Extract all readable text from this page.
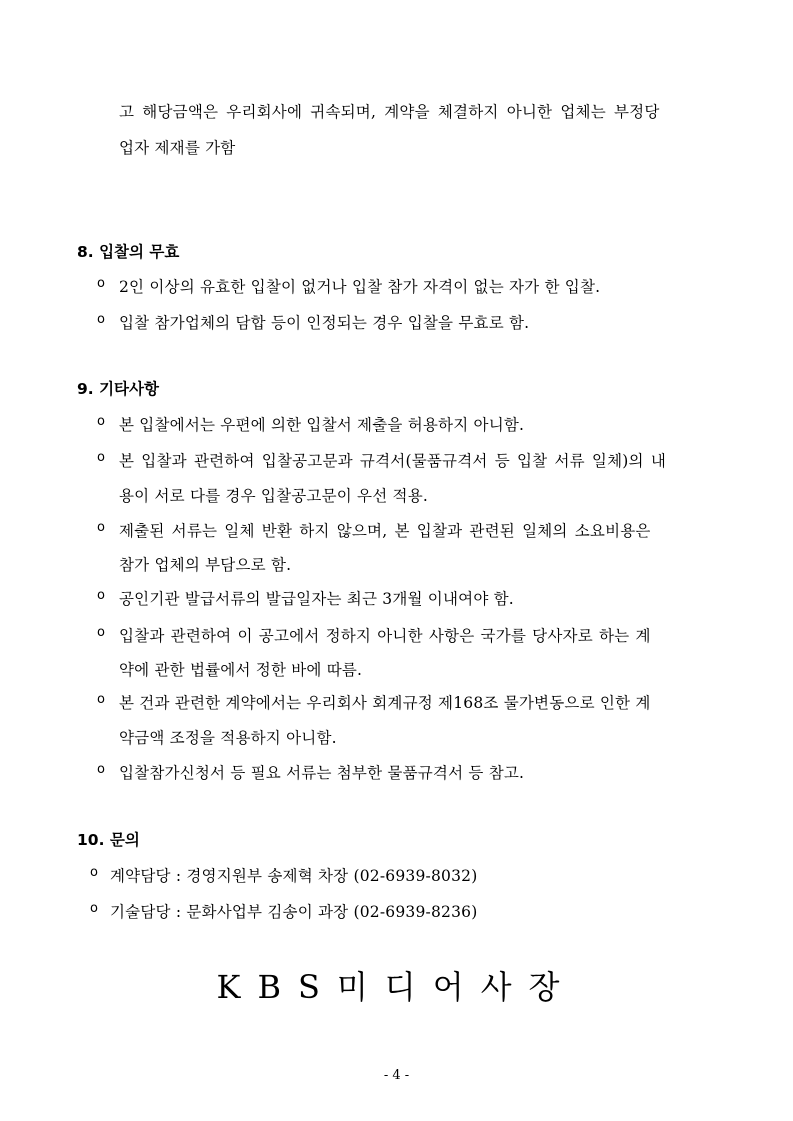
고 해당금액은 우리회사에 귀속되며, 계약을 체결하지 아니한 업체는 부정당
업자 제재를 가함
8. 입찰의 무효
o 2인 이상의 유효한 입찰이 없거나 입찰 참가 자격이 없는 자가 한 입찰.
o 입찰 참가업체의 담합 등이 인정되는 경우 입찰을 무효로 함.
9. 기타사항
o 본 입찰에서는 우편에 의한 입찰서 제출을 허용하지 아니함.
o 본 입찰과 관련하여 입찰공고문과 규격서(물품규격서 등 입찰 서류 일체)의 내
용이 서로 다를 경우 입찰공고문이 우선 적용.
o 제출된 서류는 일체 반환 하지 않으며, 본 입찰과 관련된 일체의 소요비용은
참가 업체의 부담으로 함.
o 공인기관 발급서류의 발급일자는 최근 3개월 이내여야 함.
o 입찰과 관련하여 이 공고에서 정하지 아니한 사항은 국가를 당사자로 하는 계
약에 관한 법률에서 정한 바에 따름.
o 본 건과 관련한 계약에서는 우리회사 회계규정 제168조 물가변동으로 인한 계
약금액 조정을 적용하지 아니함.
o 입찰참가신청서 등 필요 서류는 첨부한 물품규격서 등 참고.
10. 문의
o 계약담당 : 경영지원부 송제혁 차장 (02-6939-8032)
o 기술담당 : 문화사업부 김송이 과장 (02-6939-8236)
KBS미디어사장
- 4 -
